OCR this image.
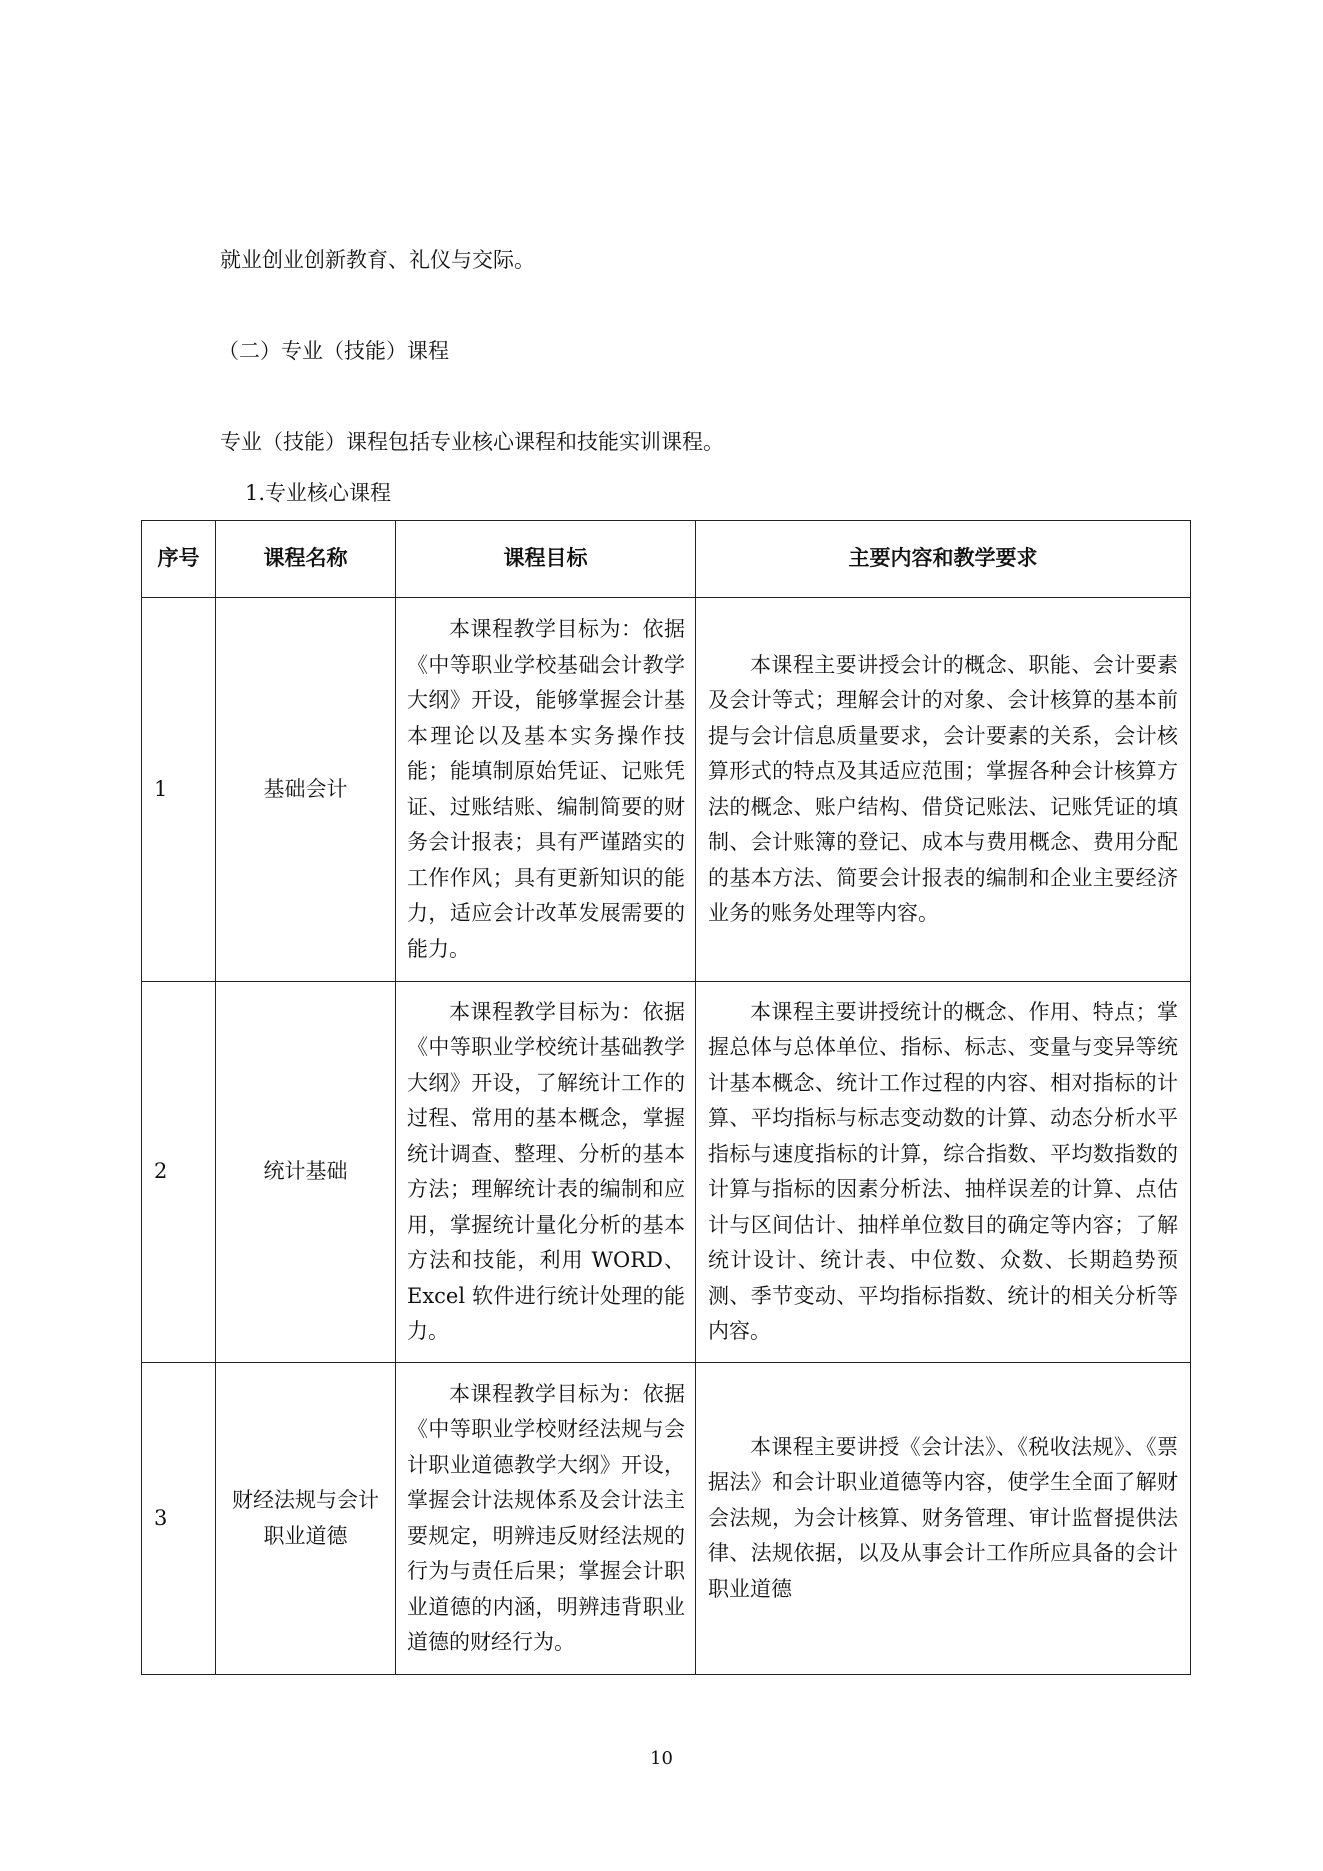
就业创业创新教育、礼仪与交际。
（二）专业（技能）课程
专业（技能）课程包括专业核心课程和技能实训课程。
1.专业核心课程
序号	课程名称	课程目标	主要内容和教学要求
1	基础会计	本课程教学目标为：依据《中等职业学校基础会计教学大纲》开设，能够掌握会计基本理论以及基本实务操作技能；能填制原始凭证、记账凭证、过账结账、编制简要的财务会计报表；具有严谨踏实的工作作风；具有更新知识的能力，适应会计改革发展需要的能力。	本课程主要讲授会计的概念、职能、会计要素及会计等式；理解会计的对象、会计核算的基本前提与会计信息质量要求，会计要素的关系，会计核算形式的特点及其适应范围；掌握各种会计核算方法的概念、账户结构、借贷记账法、记账凭证的填制、会计账簿的登记、成本与费用概念、费用分配的基本方法、简要会计报表的编制和企业主要经济业务的账务处理等内容。

2	统计基础	本课程教学目标为：依据《中等职业学校统计基础教学大纲》开设，了解统计工作的过程、常用的基本概念，掌握统计调查、整理、分析的基本方法；理解统计表的编制和应用，掌握统计量化分析的基本方法和技能，利用 WORD、Excel 软件进行统计处理的能力。	本课程主要讲授统计的概念、作用、特点；掌握总体与总体单位、指标、标志、变量与变异等统计基本概念、统计工作过程的内容、相对指标的计算、平均指标与标志变动数的计算、动态分析水平指标与速度指标的计算，综合指数、平均数指数的计算与指标的因素分析法、抽样误差的计算、点估计与区间估计、抽样单位数目的确定等内容；了解统计设计、统计表、中位数、众数、长期趋势预测、季节变动、平均指标指数、统计的相关分析等内容。

3	财经法规与会计职业道德	本课程教学目标为：依据《中等职业学校财经法规与会计职业道德教学大纲》开设，掌握会计法规体系及会计法主要规定，明辨违反财经法规的行为与责任后果；掌握会计职业道德的内涵，明辨违背职业道德的财经行为。	本课程主要讲授《会计法》、《税收法规》、《票据法》和会计职业道德等内容，使学生全面了解财会法规，为会计核算、财务管理、审计监督提供法律、法规依据，以及从事会计工作所应具备的会计职业道德
10
